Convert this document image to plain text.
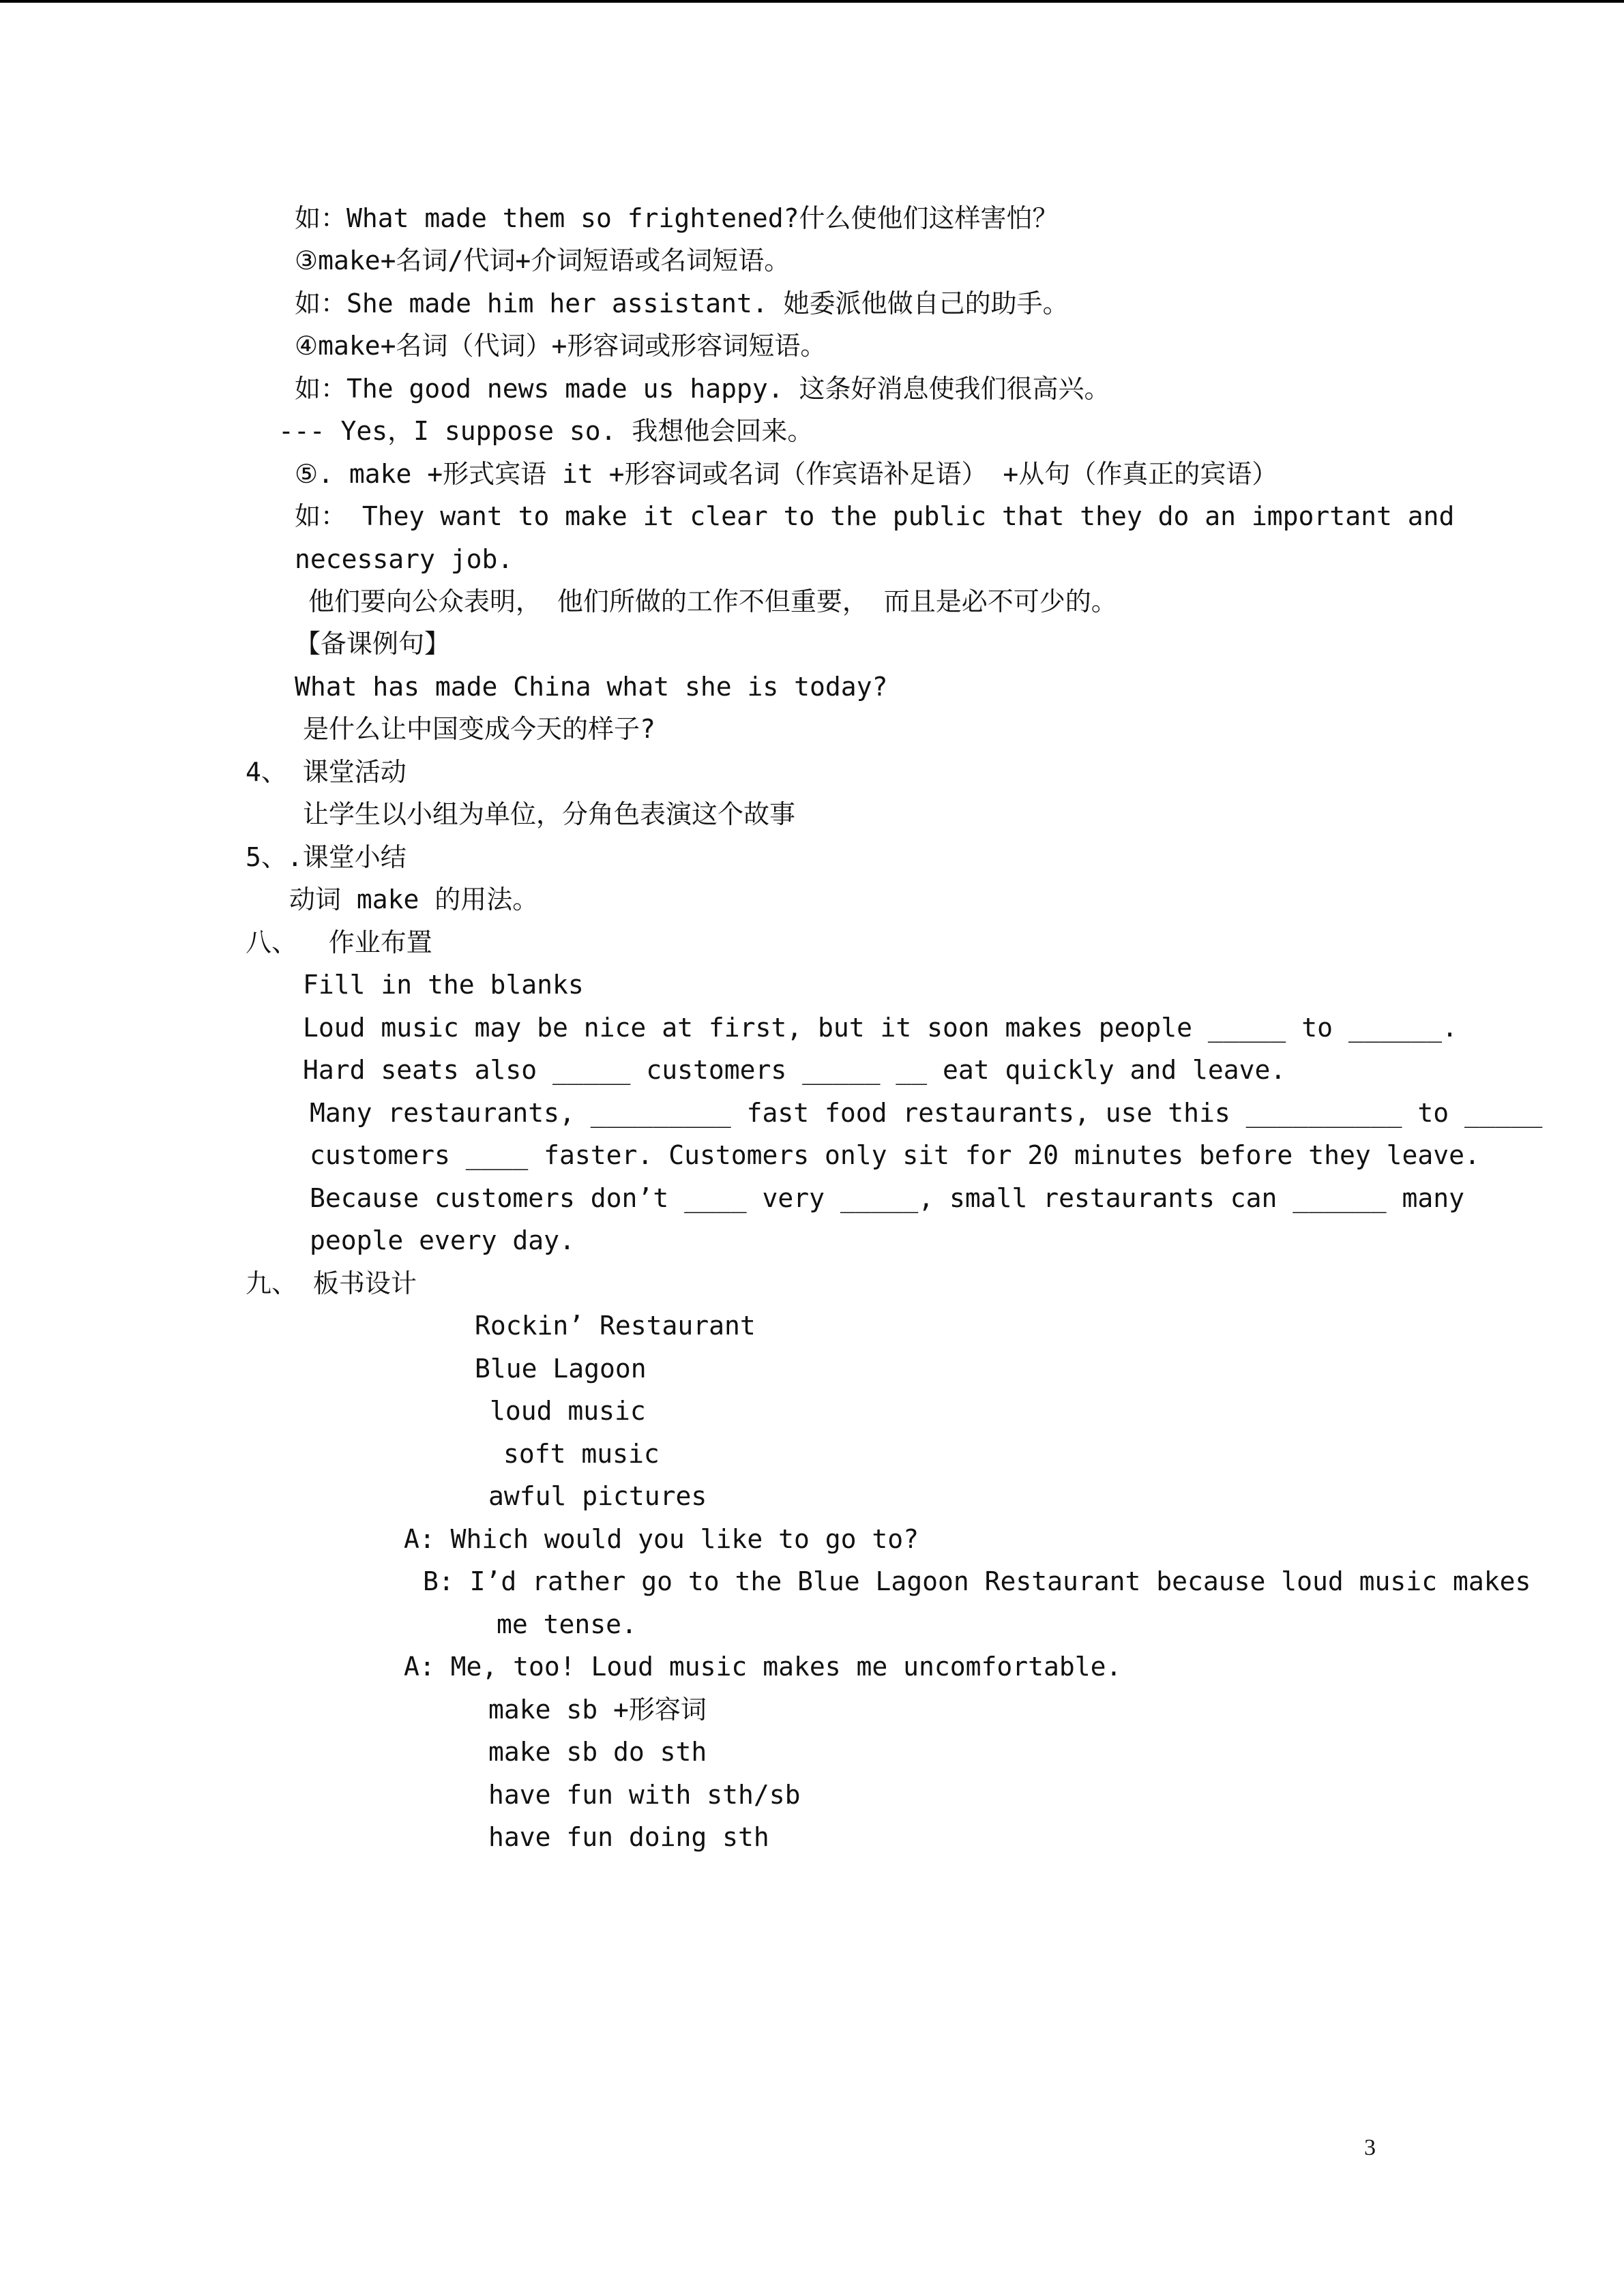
如：What made them so frightened?什么使他们这样害怕？
③make+名词/代词+介词短语或名词短语。
如：She made him her assistant. 她委派他做自己的助手。
④make+名词（代词）+形容词或形容词短语。
如：The good news made us happy. 这条好消息使我们很高兴。
--- Yes，I suppose so. 我想他会回来。
⑤. make +形式宾语 it +形容词或名词（作宾语补足语） +从句（作真正的宾语）
如： They want to make it clear to the public that they do an important and
necessary job.
他们要向公众表明， 他们所做的工作不但重要， 而且是必不可少的。
【备课例句】
What has made China what she is today?
是什么让中国变成今天的样子?
4、 课堂活动
让学生以小组为单位，分角色表演这个故事
5、.课堂小结
动词 make 的用法。
八、  作业布置
Fill in the blanks
Loud music may be nice at first, but it soon makes people _____ to ______.
Hard seats also _____ customers _____ __ eat quickly and leave.
Many restaurants, _________ fast food restaurants, use this __________ to _____
customers ____ faster. Customers only sit for 20 minutes before they leave.
Because customers don’t ____ very _____, small restaurants can ______ many
people every day.
九、 板书设计
Rockin’ Restaurant
Blue Lagoon
loud music
soft music
awful pictures
A: Which would you like to go to?
B: I’d rather go to the Blue Lagoon Restaurant because loud music makes
me tense.
A: Me, too! Loud music makes me uncomfortable.
make sb +形容词
make sb do sth
have fun with sth/sb
have fun doing sth
3
